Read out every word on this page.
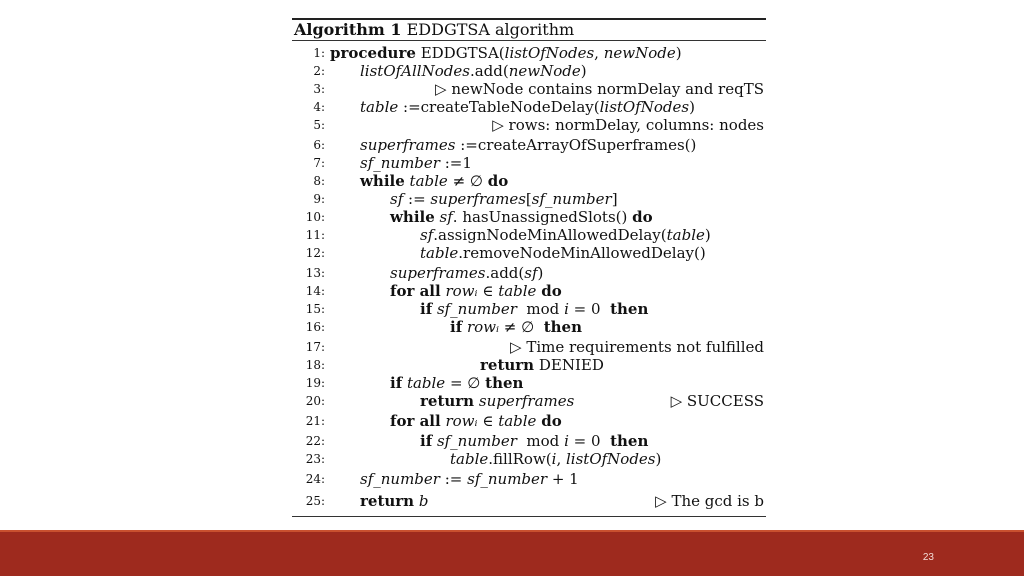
Algorithm 1 EDDGTSA algorithm
1: procedure EDDGTSA(listOfNodes, newNode)
2: listOfAllNodes.add(newNode)
3:	▷ newNode contains normDelay and reqTS
4: table :=createTableNodeDelay(listOfNodes)
5:	▷ rows: normDelay, columns: nodes
6: superframes :=createArrayOfSuperframes()
7: sf_number :=1
8: while table ≠ ∅ do
9:	sf := superframes[sf_number]
10:	while sf. hasUnassignedSlots() do
11:	sf.assignNodeMinAllowedDelay(table)
12:	table.removeNodeMinAllowedDelay()
13:	superframes.add(sf)
14:	for all rowᵢ ∈ table do
15:	if sf_number  mod i = 0  then
16:	if rowᵢ ≠ ∅  then
17:	▷ Time requirements not fulfilled
18:	return DENIED
19:	if table = ∅ then
20:	return superframes	▷ SUCCESS
21:	for all rowᵢ ∈ table do
22:	if sf_number  mod i = 0  then
23:	table.fillRow(i, listOfNodes)
24: sf_number := sf_number + 1
25: return b	▷ The gcd is b
23
